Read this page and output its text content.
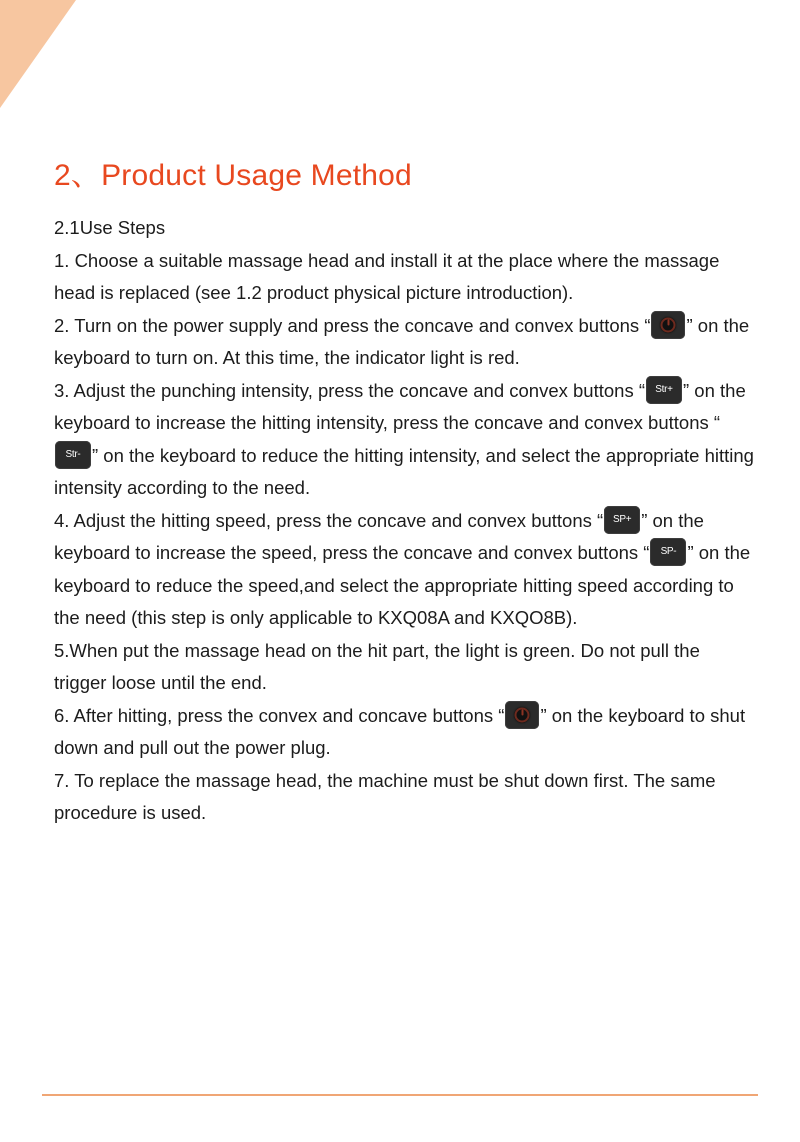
2、Product Usage Method

2.1Use Steps

1. Choose a suitable massage head and install it at the place where the massage head is replaced (see 1.2 product physical picture introduction).

2. Turn on the power supply and press the concave and convex buttons “ ” on the keyboard to turn on. At this time, the indicator light is red.

3. Adjust the punching intensity, press the concave and convex buttons “	Str+ ” on the keyboard to increase the hitting intensity, press the concave and convex buttons “
Str- ” on the keyboard to reduce the hitting intensity, and select the appropriate hitting intensity according to the need.

4. Adjust the hitting speed, press the concave and convex buttons “ SP+ ” on the keyboard to increase the speed, press the concave and convex buttons “	SP- ” on the keyboard to reduce the speed,and select the appropriate hitting speed according to the need (this step is only applicable to KXQ08A and KXQO8B).

5.When put the massage head on the hit part, the light is green. Do not pull the trigger loose until the end.

6. After hitting, press the convex and concave buttons “ ” on the keyboard to shut down and pull out the power plug.

7. To replace the massage head, the machine must be shut down first. The same procedure is used.
